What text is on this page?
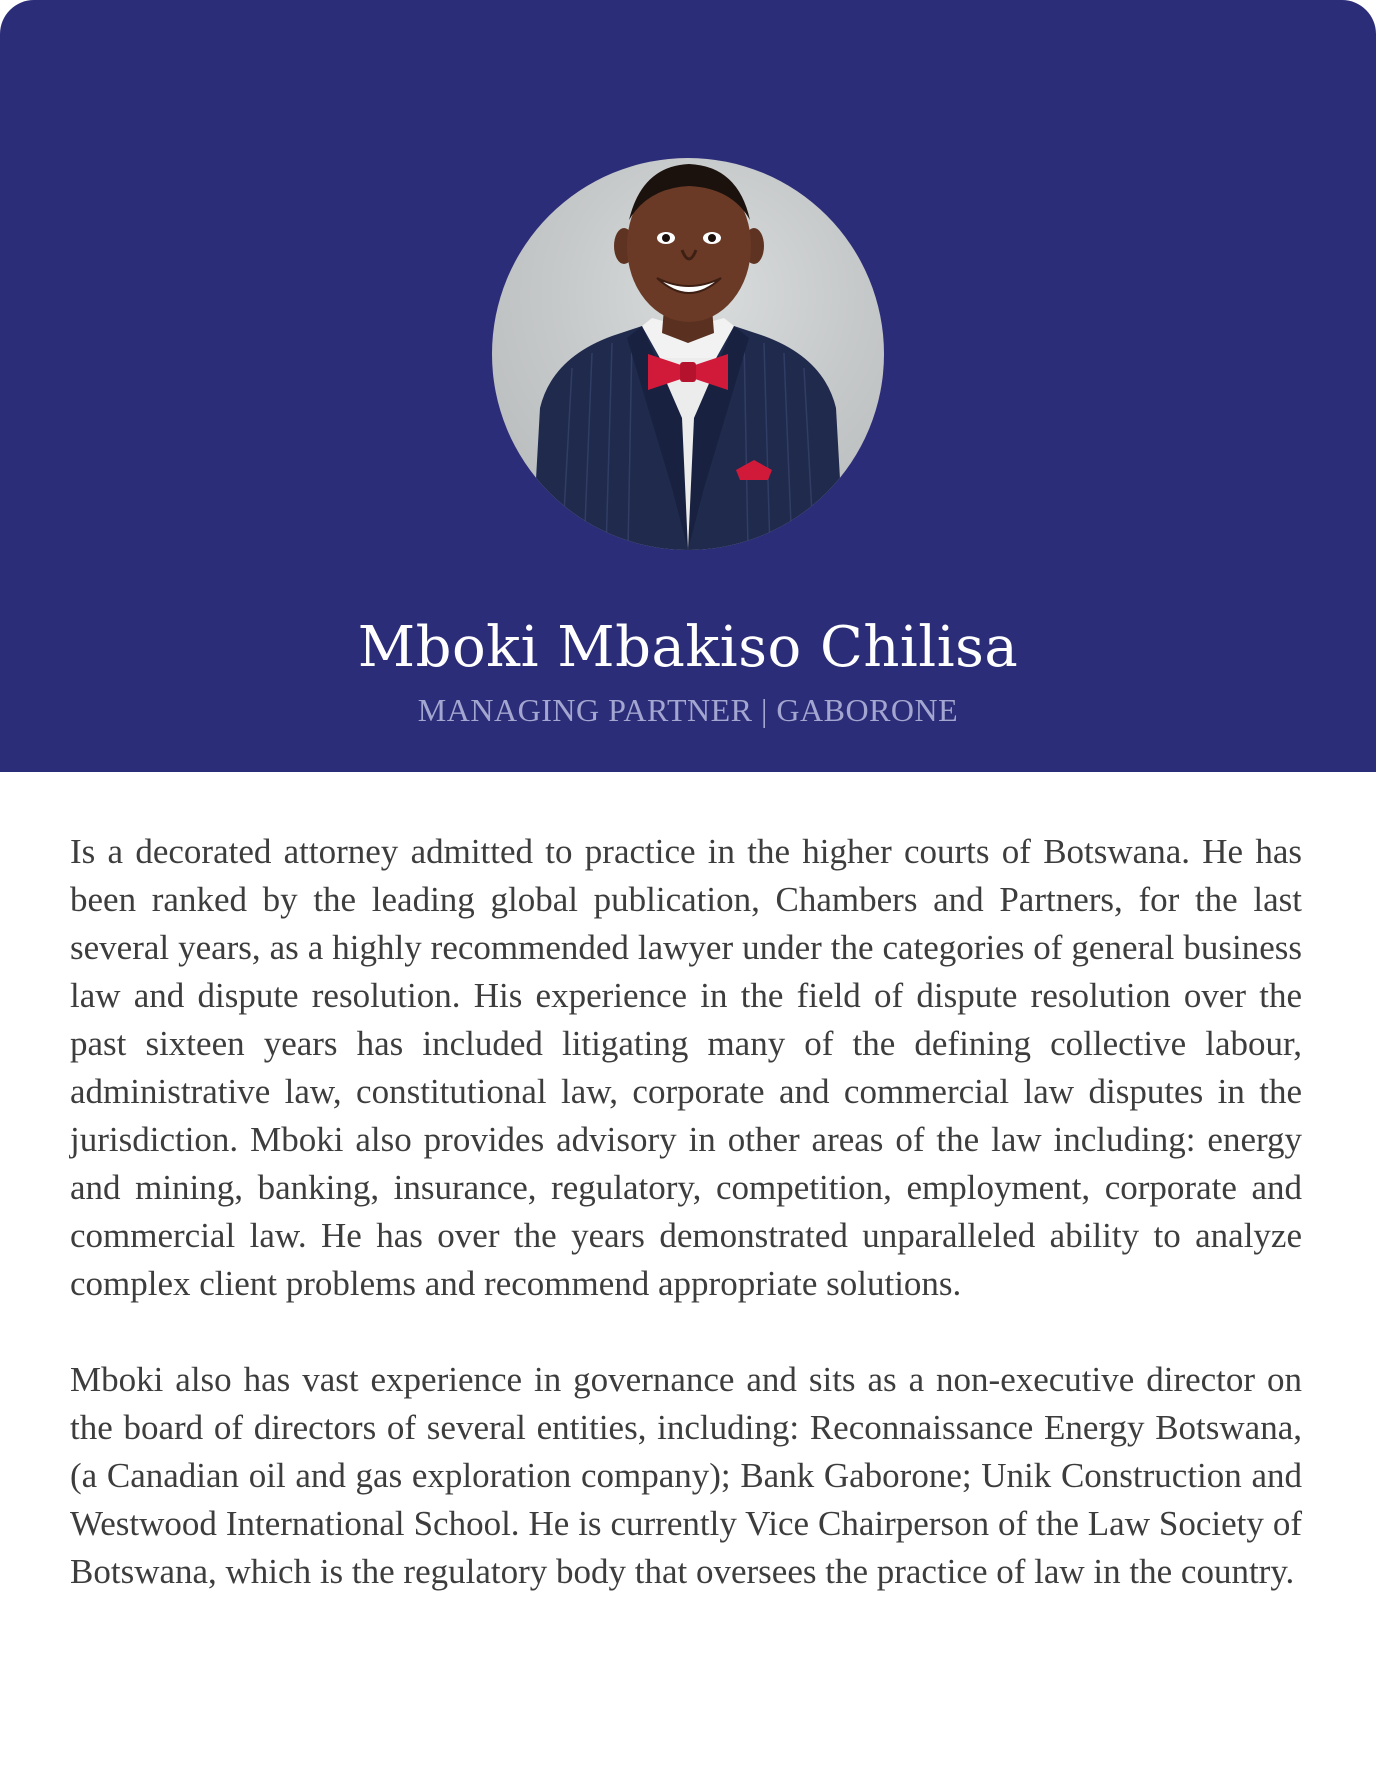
Mboki Mbakiso Chilisa
MANAGING PARTNER | GABORONE

Is a decorated attorney admitted to practice in the higher courts of Botswana. He has been ranked by the leading global publication, Chambers and Partners, for the last several years, as a highly recommended lawyer under the categories of general business law and dispute resolution. His experience in the field of dispute resolution over the past sixteen years has included litigating many of the defining collective labour, administrative law, constitutional law, corporate and commercial law disputes in the jurisdiction. Mboki also provides advisory in other areas of the law including: energy and mining, banking, insurance, regulatory, competition, employment, corporate and commercial law. He has over the years demonstrated unparalleled ability to analyze complex client problems and recommend appropriate solutions.

Mboki also has vast experience in governance and sits as a non-executive director on the board of directors of several entities, including: Reconnaissance Energy Botswana, (a Canadian oil and gas exploration company); Bank Gaborone; Unik Construction and Westwood International School. He is currently Vice Chairperson of the Law Society of Botswana, which is the regulatory body that oversees the practice of law in the country.
